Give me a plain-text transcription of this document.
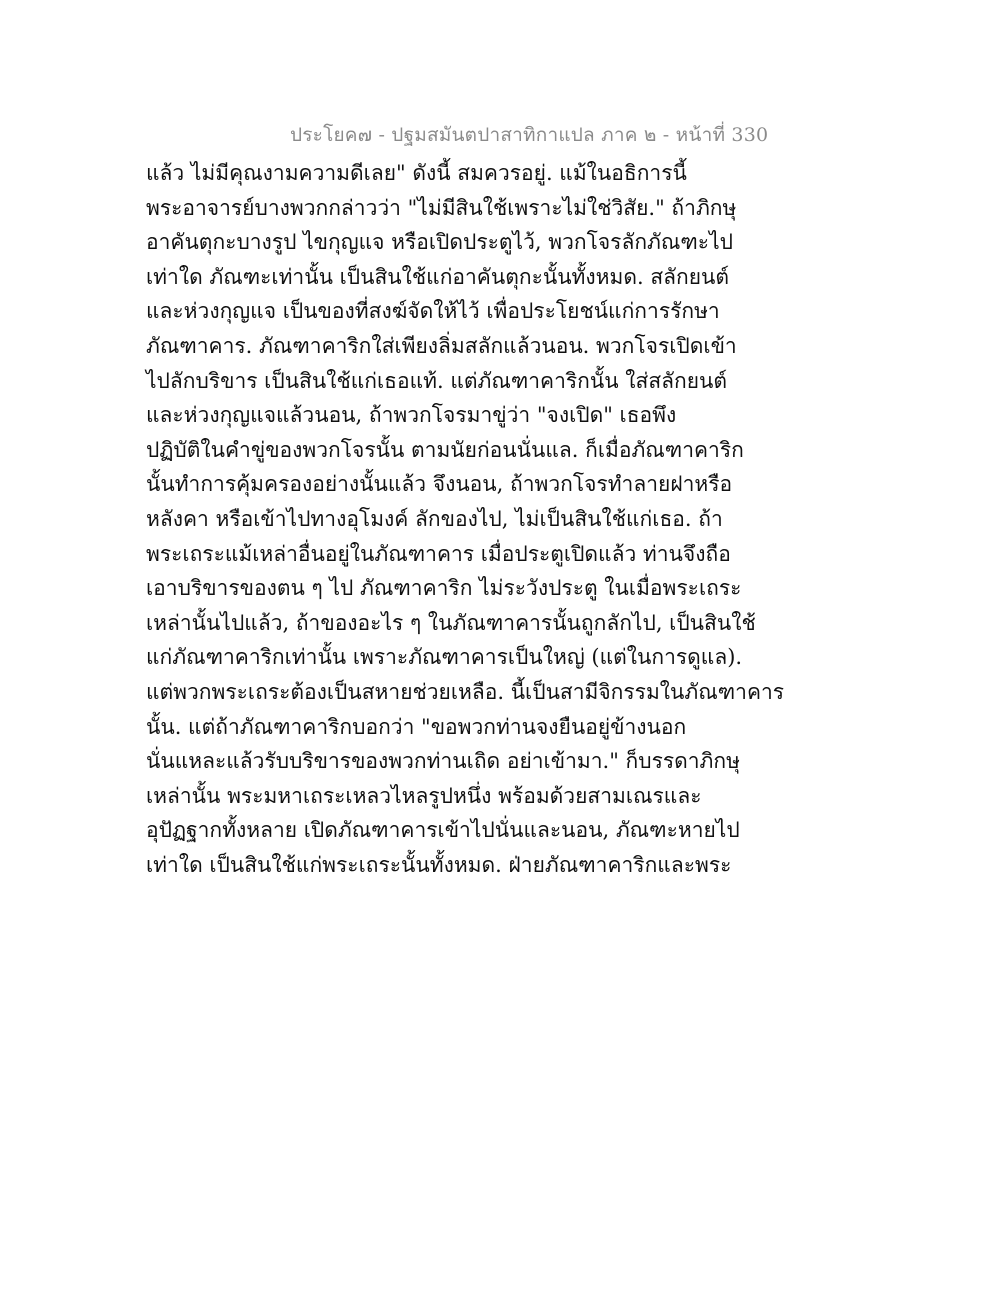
ประโยค๗ - ปฐมสมันตปาสาทิกาแปล ภาค ๒ - หน้าที่ 330
แล้ว ไม่มีคุณงามความดีเลย" ดังนี้ สมควรอยู่. แม้ในอธิการนี้
พระอาจารย์บางพวกกล่าวว่า "ไม่มีสินใช้เพราะไม่ใช่วิสัย." ถ้าภิกษุ
อาคันตุกะบางรูป ไขกุญแจ หรือเปิดประตูไว้, พวกโจรลักภัณฑะไป
เท่าใด ภัณฑะเท่านั้น เป็นสินใช้แก่อาคันตุกะนั้นทั้งหมด. สลักยนต์
และห่วงกุญแจ เป็นของที่สงฆ์จัดให้ไว้ เพื่อประโยชน์แก่การรักษา
ภัณฑาคาร. ภัณฑาคาริกใส่เพียงลิ่มสลักแล้วนอน. พวกโจรเปิดเข้า
ไปลักบริขาร เป็นสินใช้แก่เธอแท้. แต่ภัณฑาคาริกนั้น ใส่สลักยนต์
และห่วงกุญแจแล้วนอน, ถ้าพวกโจรมาขู่ว่า "จงเปิด" เธอพึง
ปฏิบัติในคำขู่ของพวกโจรนั้น ตามนัยก่อนนั่นแล. ก็เมื่อภัณฑาคาริก
นั้นทำการคุ้มครองอย่างนั้นแล้ว จึงนอน, ถ้าพวกโจรทำลายฝาหรือ
หลังคา หรือเข้าไปทางอุโมงค์ ลักของไป, ไม่เป็นสินใช้แก่เธอ. ถ้า
พระเถระแม้เหล่าอื่นอยู่ในภัณฑาคาร เมื่อประตูเปิดแล้ว ท่านจึงถือ
เอาบริขารของตน ๆ ไป ภัณฑาคาริก ไม่ระวังประตู ในเมื่อพระเถระ
เหล่านั้นไปแล้ว, ถ้าของอะไร ๆ ในภัณฑาคารนั้นถูกลักไป, เป็นสินใช้
แก่ภัณฑาคาริกเท่านั้น เพราะภัณฑาคารเป็นใหญ่ (แต่ในการดูแล).
แต่พวกพระเถระต้องเป็นสหายช่วยเหลือ. นี้เป็นสามีจิกรรมในภัณฑาคาร
นั้น. แต่ถ้าภัณฑาคาริกบอกว่า "ขอพวกท่านจงยืนอยู่ข้างนอก
นั่นแหละแล้วรับบริขารของพวกท่านเถิด อย่าเข้ามา." ก็บรรดาภิกษุ
เหล่านั้น พระมหาเถระเหลวไหลรูปหนึ่ง พร้อมด้วยสามเณรและ
อุปัฏฐากทั้งหลาย เปิดภัณฑาคารเข้าไปนั่นและนอน, ภัณฑะหายไป
เท่าใด เป็นสินใช้แก่พระเถระนั้นทั้งหมด. ฝ่ายภัณฑาคาริกและพระ
